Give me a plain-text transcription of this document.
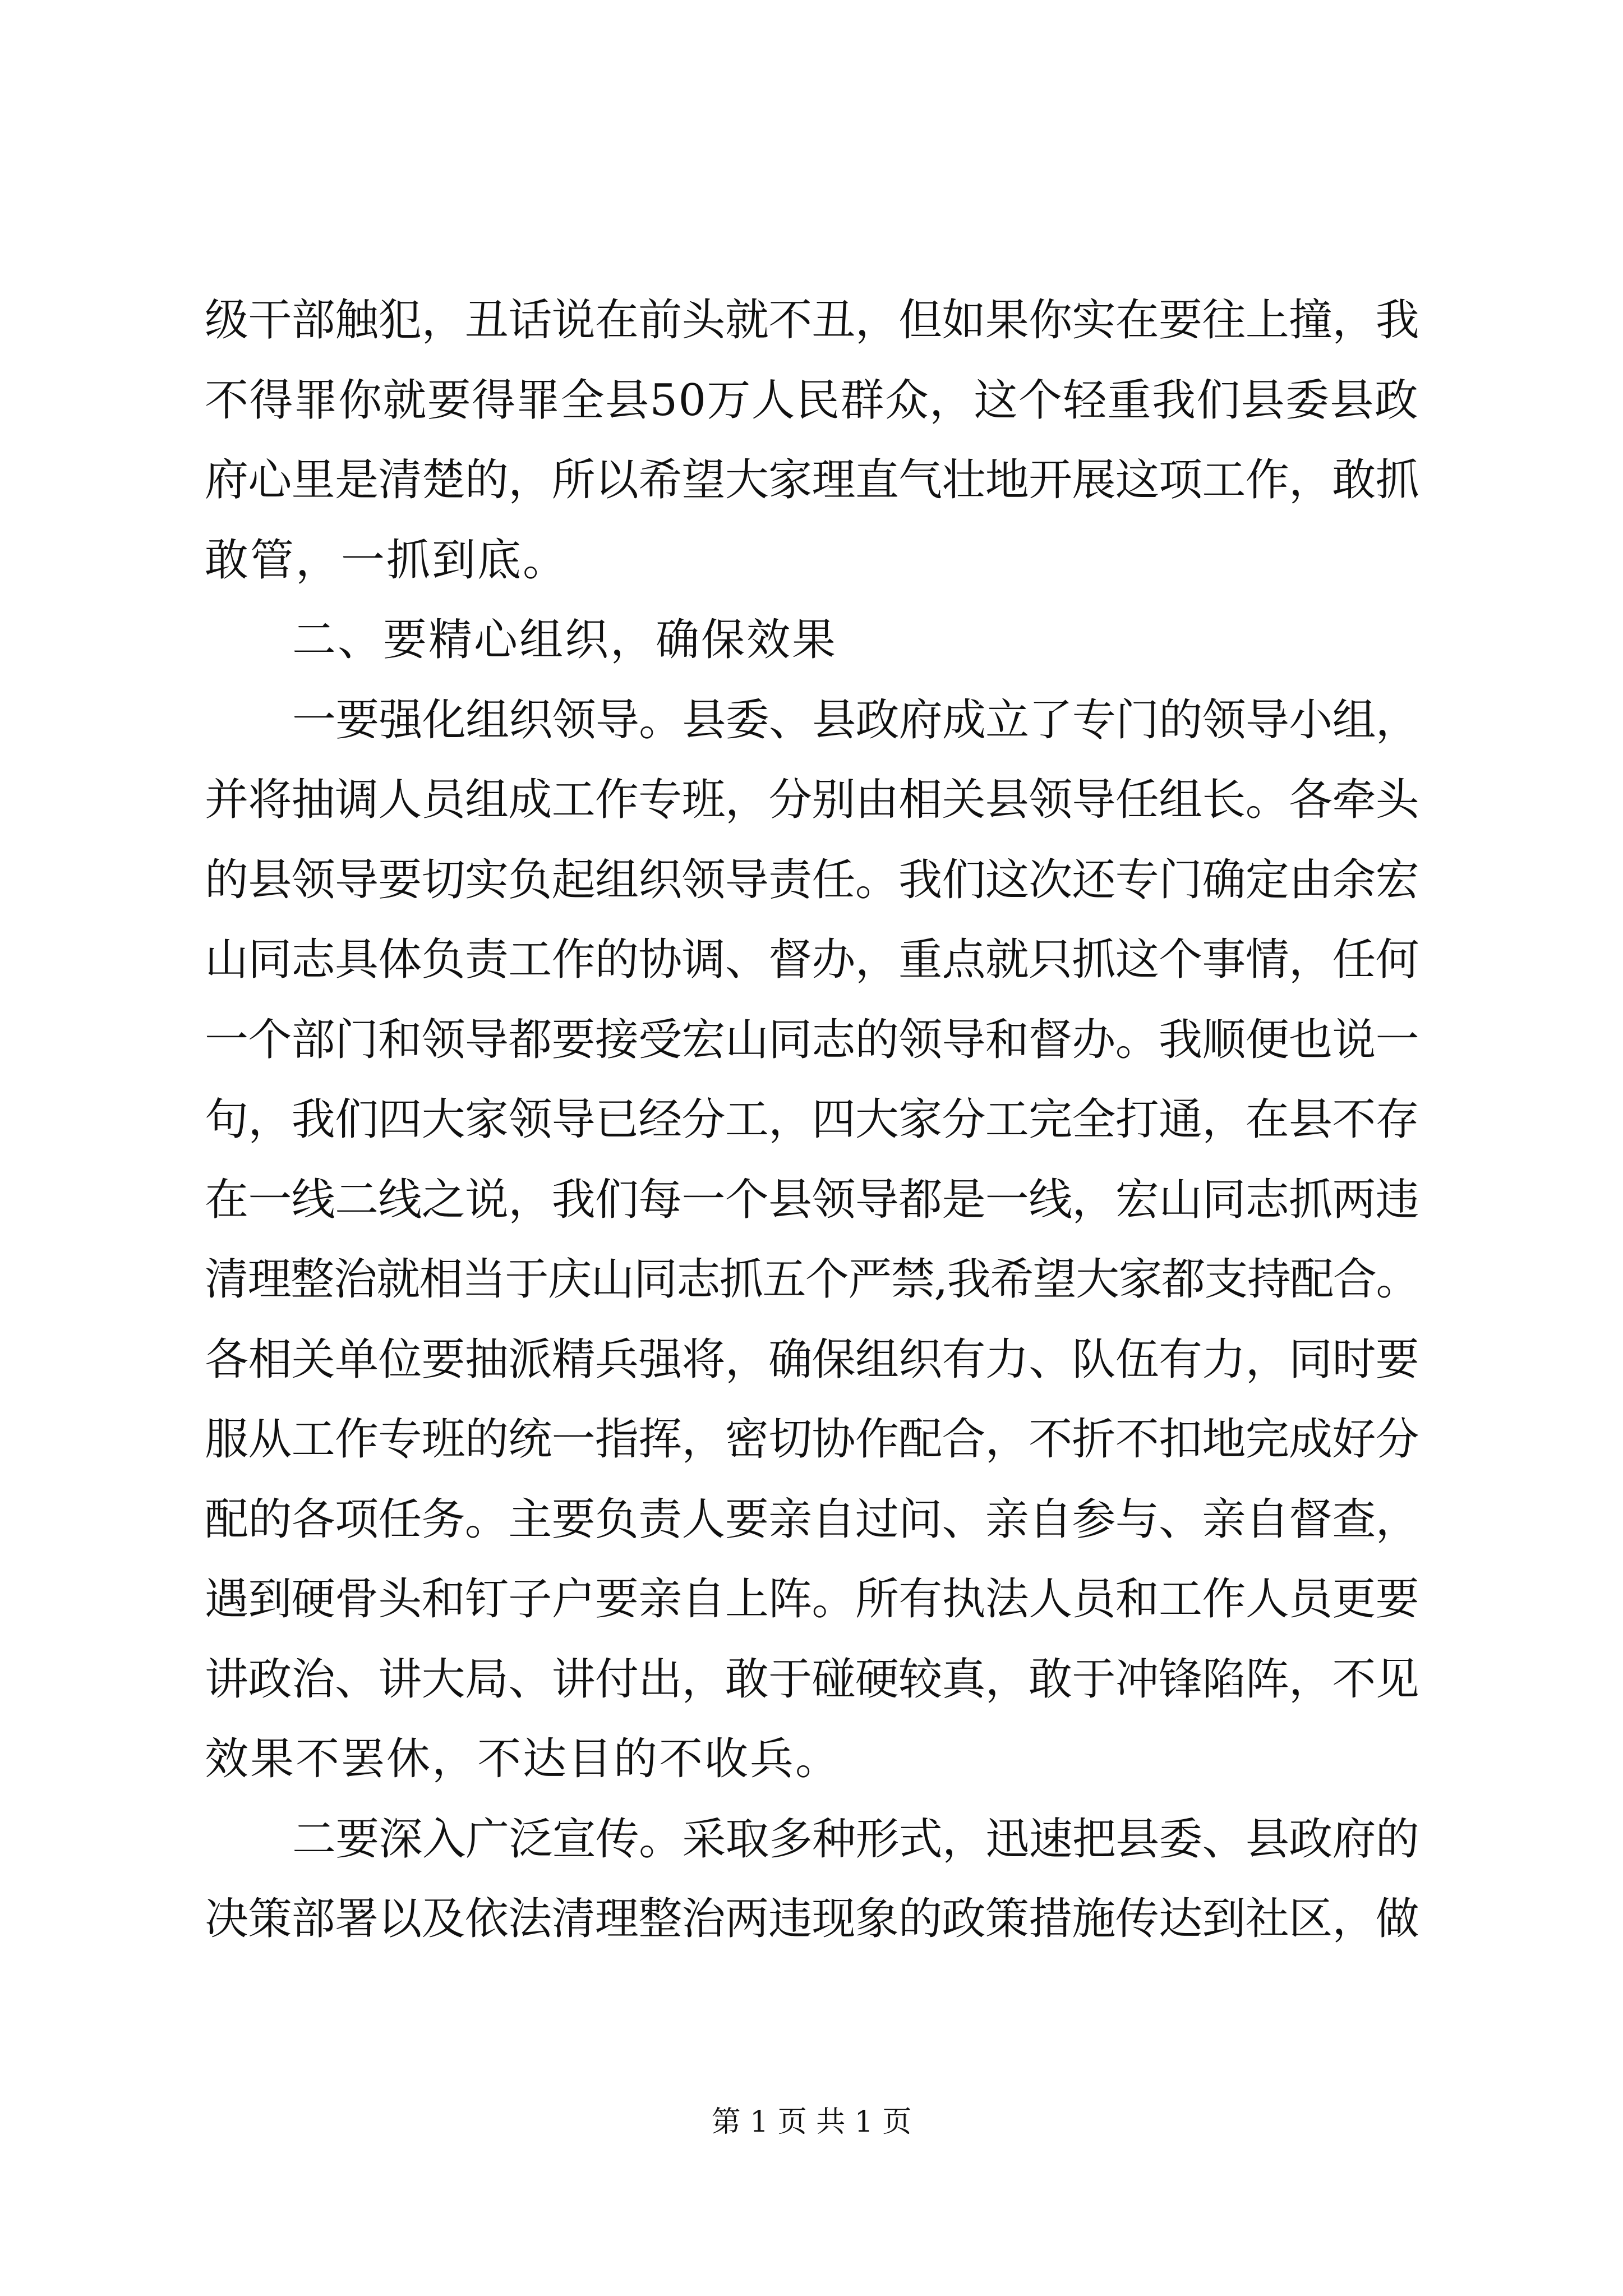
级干部触犯，丑话说在前头就不丑，但如果你实在要往上撞，我

不得罪你就要得罪全县50万人民群众，这个轻重我们县委县政

府心里是清楚的，所以希望大家理直气壮地开展这项工作，敢抓

敢管，一抓到底。

二、要精心组织，确保效果

一要强化组织领导。县委、县政府成立了专门的领导小组，

并将抽调人员组成工作专班，分别由相关县领导任组长。各牵头

的县领导要切实负起组织领导责任。我们这次还专门确定由余宏

山同志具体负责工作的协调、督办，重点就只抓这个事情，任何

一个部门和领导都要接受宏山同志的领导和督办。我顺便也说一

句，我们四大家领导已经分工，四大家分工完全打通，在县不存

在一线二线之说，我们每一个县领导都是一线，宏山同志抓两违

清理整治就相当于庆山同志抓五个严禁,我希望大家都支持配合。

各相关单位要抽派精兵强将，确保组织有力、队伍有力，同时要

服从工作专班的统一指挥，密切协作配合，不折不扣地完成好分

配的各项任务。主要负责人要亲自过问、亲自参与、亲自督查，

遇到硬骨头和钉子户要亲自上阵。所有执法人员和工作人员更要

讲政治、讲大局、讲付出，敢于碰硬较真，敢于冲锋陷阵，不见

效果不罢休，不达目的不收兵。

二要深入广泛宣传。采取多种形式，迅速把县委、县政府的

决策部署以及依法清理整治两违现象的政策措施传达到社区，做

第 1 页 共 1 页
